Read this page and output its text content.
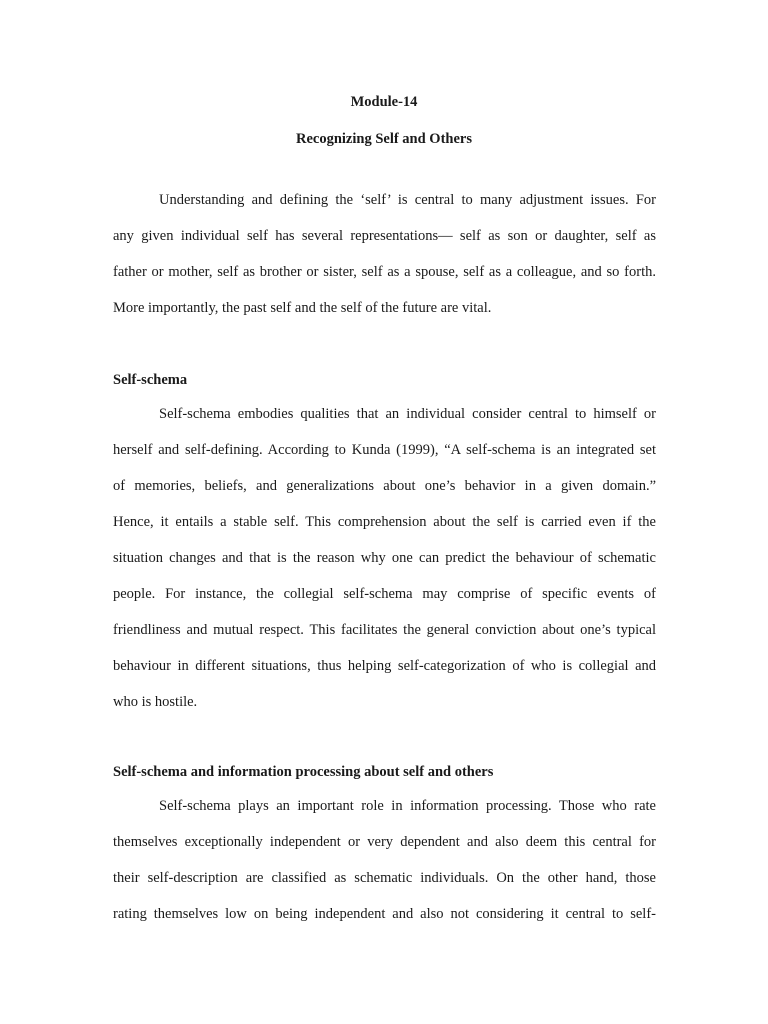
Module-14
Recognizing Self and Others
Understanding and defining the ‘self’ is central to many adjustment issues. For
any given individual self has several representations— self as son or daughter, self as
father or mother, self as brother or sister, self as a spouse, self as a colleague, and so forth.
More importantly, the past self and the self of the future are vital.
Self-schema
Self-schema embodies qualities that an individual consider central to himself or
herself and self-defining. According to Kunda (1999), “A self-schema is an integrated set
of memories, beliefs, and generalizations about one’s behavior in a given domain.”
Hence, it entails a stable self. This comprehension about the self is carried even if the
situation changes and that is the reason why one can predict the behaviour of schematic
people. For instance, the collegial self-schema may comprise of specific events of
friendliness and mutual respect. This facilitates the general conviction about one’s typical
behaviour in different situations, thus helping self-categorization of who is collegial and
who is hostile.
Self-schema and information processing about self and others
Self-schema plays an important role in information processing. Those who rate
themselves exceptionally independent or very dependent and also deem this central for
their self-description are classified as schematic individuals. On the other hand, those
rating themselves low on being independent and also not considering it central to self-
